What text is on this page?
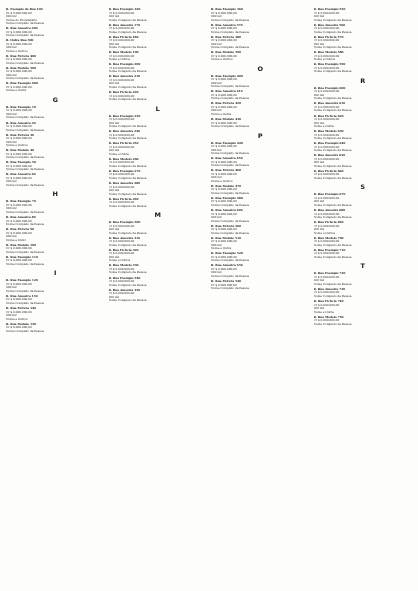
R. Exemplo de Rua 100
Cr $ 0.000.000,00
000 m2
Nome do Proprietário
Nome Completo da Pessoa
R. Rua Amostra 200
Cr $ 0.000.000,00
Nome Completo da Pessoa
R. Outra Rua 300
Cr $ 0.000.000,00
000 m2
Nome e Outros
R. Rua Fictícia 400
Cr $ 0.000.000,00
Nome Completo da Pessoa
R. Rua Modelo 500
Cr $ 0.000.000,00
000 m2
Nome Completo da Pessoa
R. Rua Exemplo 600
Cr $ 0.000.000,00
Nome e Outra
G
R. Rua Exemplo 10
Cr $ 0.000.000,00
000 m2
Nome Completo da Pessoa
R. Rua Amostra 20
Cr $ 0.000.000,00
Nome Completo da Pessoa
R. Rua Fictícia 30
Cr $ 0.000.000,00
000 m2
Nome e Outros
R. Rua Modelo 40
Cr $ 0.000.000,00
Nome Completo da Pessoa
R. Rua Exemplo 50
Cr $ 0.000.000,00
Nome Completo da Pessoa
R. Rua Amostra 60
Cr $ 0.000.000,00
000 m2
Nome Completo da Pessoa
H
R. Rua Exemplo 70
Cr $ 0.000.000,00
000 m2
Nome Completo da Pessoa
R. Rua Amostra 80
Cr $ 0.000.000,00
Nome Completo da Pessoa
R. Rua Fictícia 90
Cr $ 0.000.000,00
000 m2
Nome e Outro
R. Rua Modelo 100
Cr $ 0.000.000,00
Nome Completo da Pessoa
R. Rua Exemplo 110
Cr $ 0.000.000,00
Nome Completo da Pessoa
I
R. Rua Exemplo 120
Cr $ 0.000.000,00
000 m2
Nome Completo da Pessoa
R. Rua Amostra 130
Cr $ 0.000.000,00
Nome Completo da Pessoa
R. Rua Fictícia 140
Cr $ 0.000.000,00
000 m2
Nome e Outros
R. Rua Modelo 150
Cr $ 0.000.000,00
Nome Completo da Pessoa
R. Rua Exemplo 160
Cr $ 0.000.000,00
000 m2
Nome Completo da Pessoa
R. Rua Amostra 170
Cr $ 0.000.000,00
Nome Completo da Pessoa
R. Rua Fictícia 180
Cr $ 0.000.000,00
000 m2
Nome Completo da Pessoa
R. Rua Modelo 190
Cr $ 0.000.000,00
Nome e Outros
R. Rua Exemplo 200
Cr $ 0.000.000,00
Nome Completo da Pessoa
R. Rua Amostra 210
Cr $ 0.000.000,00
000 m2
Nome Completo da Pessoa
R. Rua Fictícia 220
Cr $ 0.000.000,00
Nome Completo da Pessoa
L
R. Rua Exemplo 230
Cr $ 0.000.000,00
000 m2
Nome Completo da Pessoa
R. Rua Amostra 240
Cr $ 0.000.000,00
Nome Completo da Pessoa
R. Rua Fictícia 250
Cr $ 0.000.000,00
000 m2
Nome e Outra
R. Rua Modelo 260
Cr $ 0.000.000,00
Nome Completo da Pessoa
R. Rua Exemplo 270
Cr $ 0.000.000,00
Nome Completo da Pessoa
R. Rua Amostra 280
Cr $ 0.000.000,00
000 m2
Nome Completo da Pessoa
R. Rua Fictícia 290
Cr $ 0.000.000,00
Nome Completo da Pessoa
M
R. Rua Exemplo 300
Cr $ 0.000.000,00
000 m2
Nome Completo da Pessoa
R. Rua Amostra 310
Cr $ 0.000.000,00
Nome Completo da Pessoa
R. Rua Fictícia 320
Cr $ 0.000.000,00
000 m2
Nome e Outros
R. Rua Modelo 330
Cr $ 0.000.000,00
Nome Completo da Pessoa
R. Rua Exemplo 340
Cr $ 0.000.000,00
Nome Completo da Pessoa
R. Rua Amostra 350
Cr $ 0.000.000,00
000 m2
Nome Completo da Pessoa
R. Rua Exemplo 360
Cr $ 0.000.000,00
000 m2
Nome Completo da Pessoa
R. Rua Amostra 370
Cr $ 0.000.000,00
Nome Completo da Pessoa
R. Rua Fictícia 380
Cr $ 0.000.000,00
000 m2
Nome Completo da Pessoa
R. Rua Modelo 390
Cr $ 0.000.000,00
Nome e Outros
O
R. Rua Exemplo 400
Cr $ 0.000.000,00
000 m2
Nome Completo da Pessoa
R. Rua Amostra 410
Cr $ 0.000.000,00
Nome Completo da Pessoa
R. Rua Fictícia 420
Cr $ 0.000.000,00
000 m2
Nome e Outra
R. Rua Modelo 430
Cr $ 0.000.000,00
Nome Completo da Pessoa
P
R. Rua Exemplo 440
Cr $ 0.000.000,00
000 m2
Nome Completo da Pessoa
R. Rua Amostra 450
Cr $ 0.000.000,00
Nome Completo da Pessoa
R. Rua Fictícia 460
Cr $ 0.000.000,00
000 m2
Nome e Outros
R. Rua Modelo 470
Cr $ 0.000.000,00
Nome Completo da Pessoa
R. Rua Exemplo 480
Cr $ 0.000.000,00
Nome Completo da Pessoa
R. Rua Amostra 490
Cr $ 0.000.000,00
000 m2
Nome Completo da Pessoa
R. Rua Fictícia 500
Cr $ 0.000.000,00
Nome Completo da Pessoa
R. Rua Modelo 510
Cr $ 0.000.000,00
000 m2
Nome e Outra
R. Rua Exemplo 520
Cr $ 0.000.000,00
Nome Completo da Pessoa
R. Rua Amostra 530
Cr $ 0.000.000,00
000 m2
Nome Completo da Pessoa
R. Rua Fictícia 540
Cr $ 0.000.000,00
Nome Completo da Pessoa
R. Rua Exemplo 550
Cr $ 0.000.000,00
000 m2
Nome Completo da Pessoa
R. Rua Amostra 560
Cr $ 0.000.000,00
Nome Completo da Pessoa
R. Rua Fictícia 570
Cr $ 0.000.000,00
000 m2
Nome Completo da Pessoa
R. Rua Modelo 580
Cr $ 0.000.000,00
Nome e Outros
R. Rua Exemplo 590
Cr $ 0.000.000,00
Nome Completo da Pessoa
R
R. Rua Exemplo 600
Cr $ 0.000.000,00
000 m2
Nome Completo da Pessoa
R. Rua Amostra 610
Cr $ 0.000.000,00
Nome Completo da Pessoa
R. Rua Fictícia 620
Cr $ 0.000.000,00
000 m2
Nome e Outra
R. Rua Modelo 630
Cr $ 0.000.000,00
Nome Completo da Pessoa
R. Rua Exemplo 640
Cr $ 0.000.000,00
Nome Completo da Pessoa
R. Rua Amostra 650
Cr $ 0.000.000,00
000 m2
Nome Completo da Pessoa
R. Rua Fictícia 660
Cr $ 0.000.000,00
Nome Completo da Pessoa
S
R. Rua Exemplo 670
Cr $ 0.000.000,00
000 m2
Nome Completo da Pessoa
R. Rua Amostra 680
Cr $ 0.000.000,00
Nome Completo da Pessoa
R. Rua Fictícia 690
Cr $ 0.000.000,00
000 m2
Nome e Outros
R. Rua Modelo 700
Cr $ 0.000.000,00
Nome Completo da Pessoa
R. Rua Exemplo 710
Cr $ 0.000.000,00
Nome Completo da Pessoa
T
R. Rua Exemplo 720
Cr $ 0.000.000,00
000 m2
Nome Completo da Pessoa
R. Rua Amostra 730
Cr $ 0.000.000,00
Nome Completo da Pessoa
R. Rua Fictícia 740
Cr $ 0.000.000,00
000 m2
Nome e Outra
R. Rua Modelo 750
Cr $ 0.000.000,00
Nome Completo da Pessoa
